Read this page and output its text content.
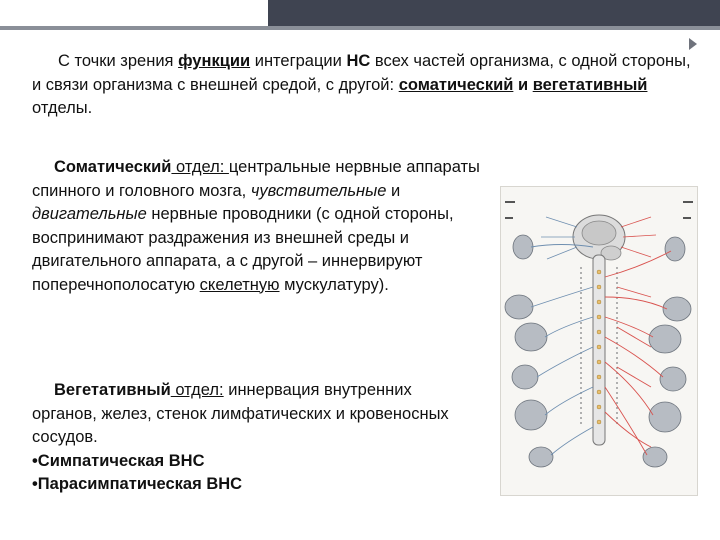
С точки зрения функции интеграции НС всех частей организма, с одной стороны, и связи организма с внешней средой, с другой: соматический и вегетативный отделы.
Соматический отдел: центральные нервные аппараты спинного и головного мозга, чувствительные и двигательные нервные проводники (с одной стороны, воспринимают раздражения из внешней среды и двигательного аппарата, а с другой – иннервируют поперечнополосатую скелетную мускулатуру).
Вегетативный отдел: иннервация внутренних органов, желез, стенок лимфатических и кровеносных сосудов.
•Симпатическая ВНС
•Парасимпатическая ВНС
